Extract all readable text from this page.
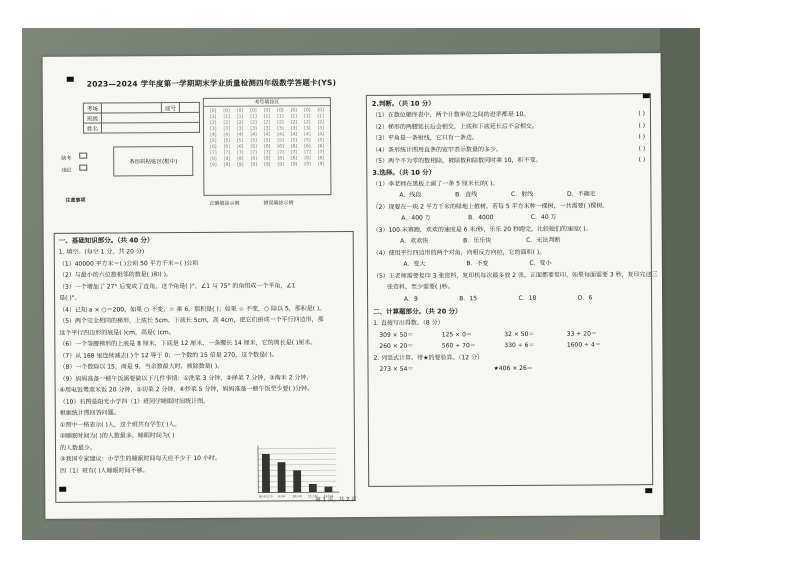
2023—2024 学年度第一学期期末学业质量检测四年级数学答题卡(YS)
考场		座号	
班级			
姓名			
缺考
违纪
条形码粘贴区(框中)
考号填涂区
[0]	[0]	[0]	[0]	[0]	[0]	[0]	[0]	[0]
[1]	[1]	[1]	[1]	[1]	[1]	[1]	[1]	[1]
[2]	[2]	[2]	[2]	[2]	[2]	[2]	[2]	[2]
[3]	[3]	[3]	[3]	[3]	[3]	[3]	[3]	[3]
[4]	[4]	[4]	[4]	[4]	[4]	[4]	[4]	[4]
[5]	[5]	[5]	[5]	[5]	[5]	[5]	[5]	[5]
[6]	[6]	[6]	[6]	[6]	[6]	[6]	[6]	[6]
[7]	[7]	[7]	[7]	[7]	[7]	[7]	[7]	[7]
[8]	[8]	[8]	[8]	[8]	[8]	[8]	[8]	[8]
[9]	[9]	[9]	[9]	[9]	[9]	[9]	[9]	[9]
注意事项	正确填涂示例	错误填涂示例
一、基础知识部分。（共 40 分）
1. 填空。(每空 1 分，共 20 分)
（1）40000 平方米＝( )公顷 50 平方千米＝( )公顷
（2）与最小的六位数相邻的数是( )和( )。
（3）一个增加了 27° 后变成了直角，这个角是( )°，∠1 与 75° 的角组成一个平角，∠1
是( )°。
（4）已知 a × ○＝200，如果 ○ 不变，☆ 乘 6，那积是( )；如果 ☆ 不变，○ 除以 5，那积是( )。
（5）两个完全相同的梯形，上底长 5cm，下底长 5cm，高 4cm，把它们拼成一个平行四边形，那
这个平行四边形的底是( )cm，高是( )cm。
（6）一个等腰梯形的上底是 8 厘米，下底是 12 厘米，一条腰长 14 厘米，它的周长是( )厘米。
（7）从 168 里连续减去( )个 12 等于 0；一个数的 15 倍是 270，这个数是( )。
（8）一个数除以 15，商是 9，当余数最大时，被除数是( )。
（9）妈妈准备一顿午饭需要做以下几件事情：①洗菜 3 分钟，②择菜 7 分钟，③淘米 2 分钟，
④用电饭煲蒸米饭 20 分钟，⑤切菜 2 分钟，⑥炒菜 5 分钟，妈妈准备一顿午饭至少要( )分钟。
（10）右图是阳光小学四（1）班同学睡眠时间统计图，
根据统计图回答问题。
①图中一格表示( )人，这个班共有学生( )人。
②睡眠时间为( )的人数最多，睡眠时间为( )
的人数最少。
③我国专家建议：小学生的睡眠时间每天应不少于 10 小时。
四（1）班有( )人睡眠时间不够。
9小时以下 9小时 10小时 11小时 12小时
2.判断。（共 10 分）
（1）在数位顺序表中，两个计数单位之间的进率都是 10。	( )
（2）梯形的两腰延长后会相交，上底和下底延长后不会相交。	( )
（3）平角是一条射线，它只有一条边。	( )
（4）条形统计图用直条的宽窄表示数量的多少。	( )
（5）两个不为零的数相除，被除数和除数同时乘 10，积不变。	( )
3.选择。（共 10 分）
（1）李老师在黑板上画了一条 5 厘米长的( )。
A．线段	B．直线	C．射线	D．不确定
（2）现要在一块 2 平方千米的绿地上植树，若每 5 平方米种一棵树，一共需要( )棵树。
A．400 万	B．4000	C．40 万
（3）100 米赛跑，欢欢的速度是 6 米/秒，乐乐 20 秒跑完，比较她们的速度( )。
A．欢欢快	B．乐乐快	C．无法判断
（4）使用平行四边形的两个对角，向相反方向拉，它的面积( )。
A．变大	B．不变	C．变小
（5）王老师需要复印 3 张资料，复印机每次最多放 2 张，正面都要复印，如果每面需要 3 秒，复印完这三
张资料，至少需要( )秒。
A．9	B．15	C．18	D．6
二、计算题部分。（共 20 分）
1. 直接写出得数。（8 分）
309 × 50＝	125 × 0＝	32 × 50＝	33 + 20＝
260 × 20＝	560 ÷ 70＝	330 ÷ 6＝	1600 ÷ 4＝
2. 列竖式计算。带★的要验算。（12 分）
273 × 54＝	★406 × 26＝
第 1 页，共 2 页
